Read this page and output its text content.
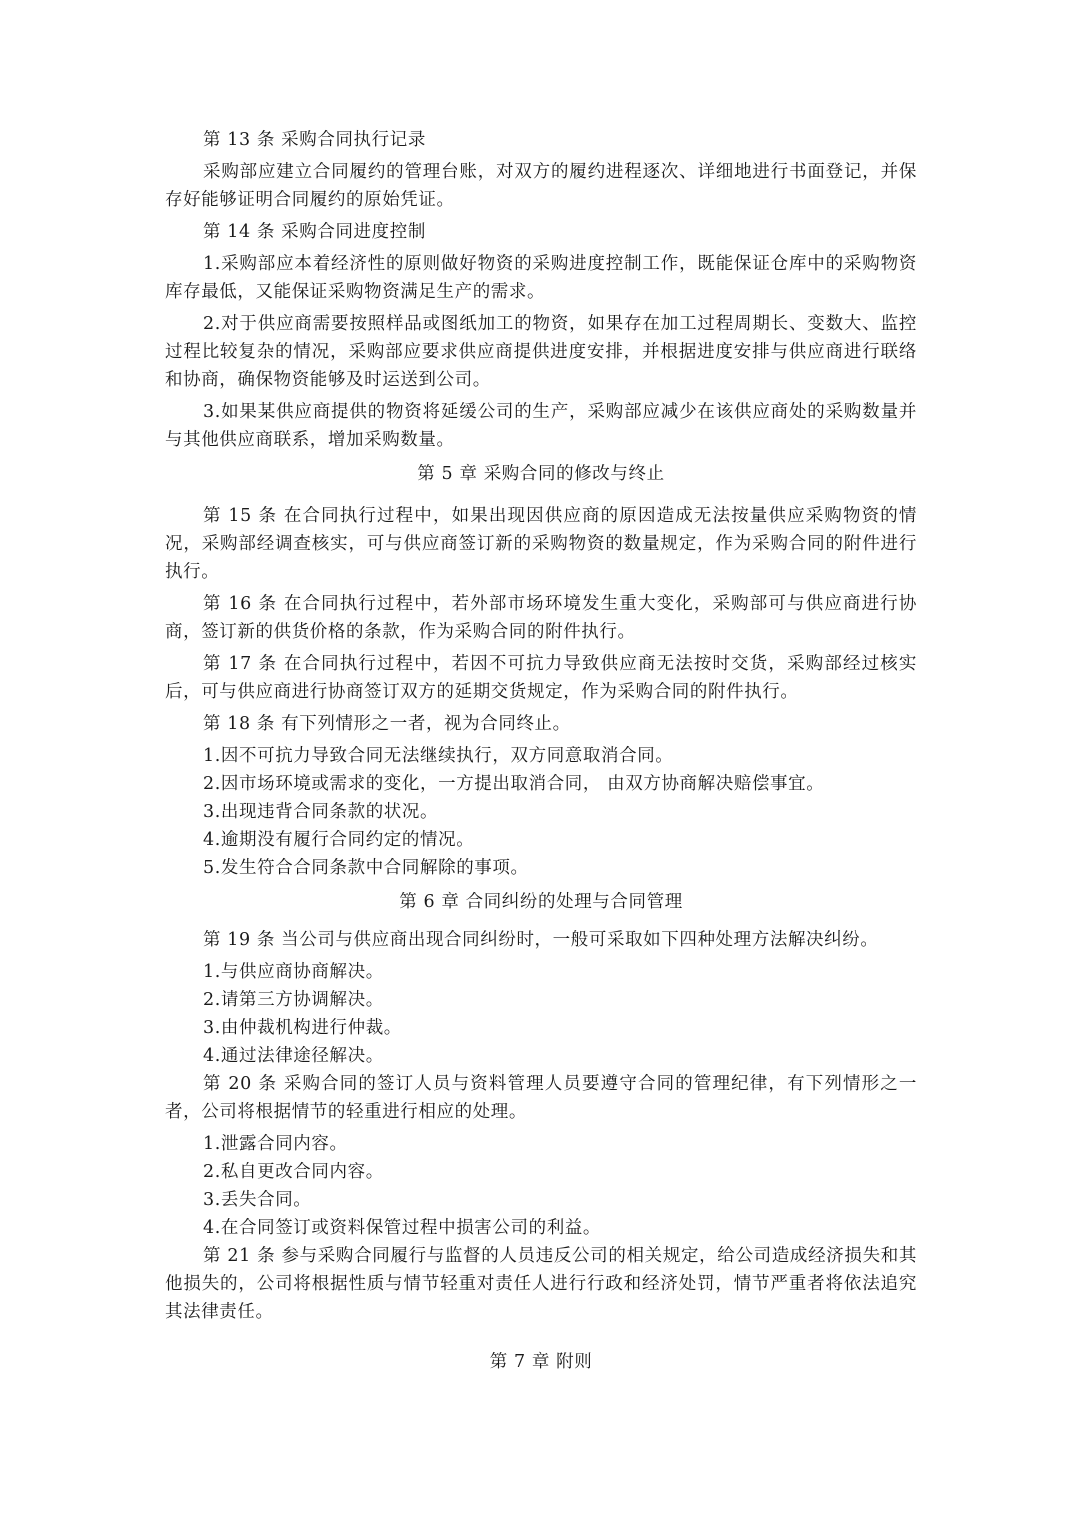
第 13 条 采购合同执行记录

采购部应建立合同履约的管理台账，对双方的履约进程逐次、详细地进行书面登记，并保存好能够证明合同履约的原始凭证。

第 14 条 采购合同进度控制

1.采购部应本着经济性的原则做好物资的采购进度控制工作，既能保证仓库中的采购物资库存最低，又能保证采购物资满足生产的需求。

2.对于供应商需要按照样品或图纸加工的物资，如果存在加工过程周期长、变数大、监控过程比较复杂的情况，采购部应要求供应商提供进度安排，并根据进度安排与供应商进行联络和协商，确保物资能够及时运送到公司。

3.如果某供应商提供的物资将延缓公司的生产，采购部应减少在该供应商处的采购数量并与其他供应商联系，增加采购数量。

第 5 章 采购合同的修改与终止

第 15 条 在合同执行过程中，如果出现因供应商的原因造成无法按量供应采购物资的情况，采购部经调查核实，可与供应商签订新的采购物资的数量规定，作为采购合同的附件进行执行。

第 16 条 在合同执行过程中，若外部市场环境发生重大变化，采购部可与供应商进行协商，签订新的供货价格的条款，作为采购合同的附件执行。

第 17 条 在合同执行过程中，若因不可抗力导致供应商无法按时交货，采购部经过核实后，可与供应商进行协商签订双方的延期交货规定，作为采购合同的附件执行。

第 18 条 有下列情形之一者，视为合同终止。

1.因不可抗力导致合同无法继续执行，双方同意取消合同。

2.因市场环境或需求的变化，一方提出取消合同， 由双方协商解决赔偿事宜。

3.出现违背合同条款的状况。

4.逾期没有履行合同约定的情况。

5.发生符合合同条款中合同解除的事项。

第 6 章 合同纠纷的处理与合同管理

第 19 条 当公司与供应商出现合同纠纷时，一般可采取如下四种处理方法解决纠纷。

1.与供应商协商解决。

2.请第三方协调解决。

3.由仲裁机构进行仲裁。

4.通过法律途径解决。

第 20 条 采购合同的签订人员与资料管理人员要遵守合同的管理纪律，有下列情形之一者，公司将根据情节的轻重进行相应的处理。

1.泄露合同内容。

2.私自更改合同内容。

3.丢失合同。

4.在合同签订或资料保管过程中损害公司的利益。

第 21 条 参与采购合同履行与监督的人员违反公司的相关规定，给公司造成经济损失和其他损失的，公司将根据性质与情节轻重对责任人进行行政和经济处罚，情节严重者将依法追究其法律责任。

第 7 章 附则
